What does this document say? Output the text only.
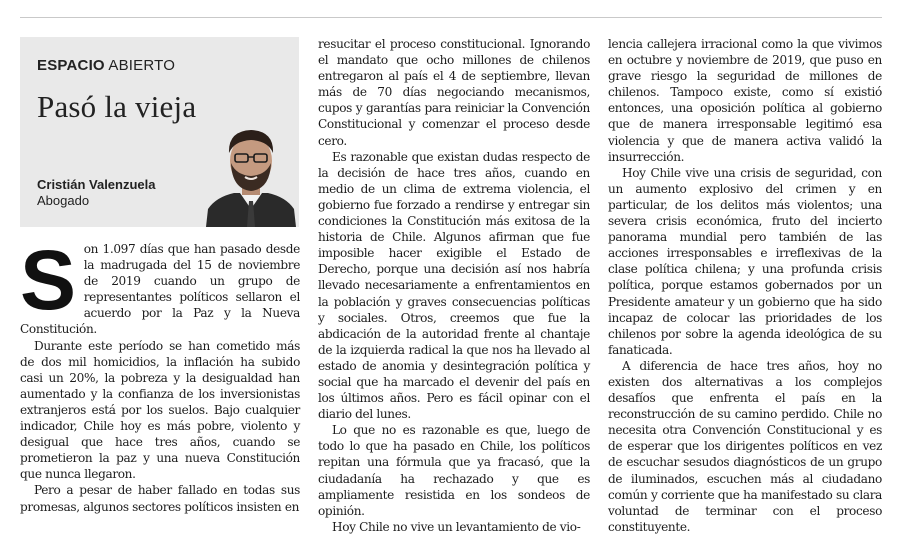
ESPACIO ABIERTO
Pasó la vieja
Cristián Valenzuela
Abogado

Son 1.097 días que han pasado desde la madrugada del 15 de noviembre de 2019 cuando un grupo de representantes políticos sellaron el acuerdo por la Paz y la Nueva Constitución.

Durante este período se han cometido más de dos mil homicidios, la inflación ha subido casi un 20%, la pobreza y la desigualdad han aumentado y la confianza de los inversionistas extranjeros está por los suelos. Bajo cualquier indicador, Chile hoy es más pobre, violento y desigual que hace tres años, cuando se prometieron la paz y una nueva Constitución que nunca llegaron.

Pero a pesar de haber fallado en todas sus promesas, algunos sectores políticos insisten en

resucitar el proceso constitucional. Ignorando el mandato que ocho millones de chilenos entregaron al país el 4 de septiembre, llevan más de 70 días negociando mecanismos, cupos y garantías para reiniciar la Convención Constitucional y comenzar el proceso desde cero.

Es razonable que existan dudas respecto de la decisión de hace tres años, cuando en medio de un clima de extrema violencia, el gobierno fue forzado a rendirse y entregar sin condiciones la Constitución más exitosa de la historia de Chile. Algunos afirman que fue imposible hacer exigible el Estado de Derecho, porque una decisión así nos habría llevado necesariamente a enfrentamientos en la población y graves consecuencias políticas y sociales. Otros, creemos que fue la abdicación de la autoridad frente al chantaje de la izquierda radical la que nos ha llevado al estado de anomia y desintegración política y social que ha marcado el devenir del país en los últimos años. Pero es fácil opinar con el diario del lunes.

Lo que no es razonable es que, luego de todo lo que ha pasado en Chile, los políticos repitan una fórmula que ya fracasó, que la ciudadanía ha rechazado y que es ampliamente resistida en los sondeos de opinión.

Hoy Chile no vive un levantamiento de vio-

lencia callejera irracional como la que vivimos en octubre y noviembre de 2019, que puso en grave riesgo la seguridad de millones de chilenos. Tampoco existe, como sí existió entonces, una oposición política al gobierno que de manera irresponsable legitimó esa violencia y que de manera activa validó la insurrección.

Hoy Chile vive una crisis de seguridad, con un aumento explosivo del crimen y en particular, de los delitos más violentos; una severa crisis económica, fruto del incierto panorama mundial pero también de las acciones irresponsables e irreflexivas de la clase política chilena; y una profunda crisis política, porque estamos gobernados por un Presidente amateur y un gobierno que ha sido incapaz de colocar las prioridades de los chilenos por sobre la agenda ideológica de su fanaticada.

A diferencia de hace tres años, hoy no existen dos alternativas a los complejos desafíos que enfrenta el país en la reconstrucción de su camino perdido. Chile no necesita otra Convención Constitucional y es de esperar que los dirigentes políticos en vez de escuchar sesudos diagnósticos de un grupo de iluminados, escuchen más al ciudadano común y corriente que ha manifestado su clara voluntad de terminar con el proceso constituyente.
